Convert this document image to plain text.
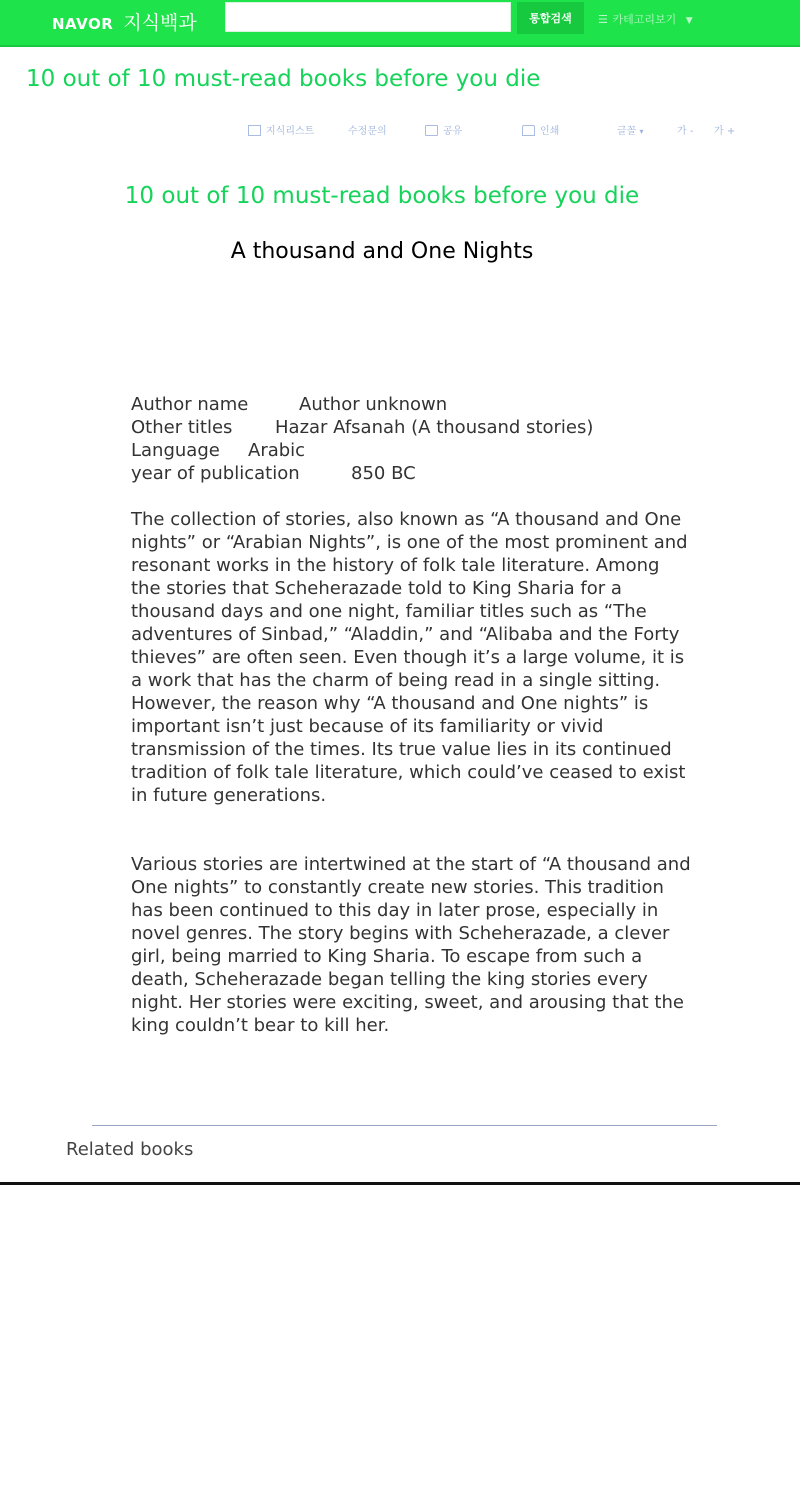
NAVOR 지식백과	통합검색	☰ 카테고리보기 ▼
10 out of 10 must-read books before you die
지식리스트	수정문의	공유	인쇄	글꼴 ▾	가 - 가 +
10 out of 10 must-read books before you die
A thousand and One Nights
Author name	Author unknown
Other titles Hazar Afsanah (A thousand stories)
Language Arabic
year of publication	850 BC

The collection of stories, also known as “A thousand and One nights” or “Arabian Nights”, is one of the most prominent and resonant works in the history of folk tale literature. Among the stories that Scheherazade told to King Sharia for a thousand days and one night, familiar titles such as “The adventures of Sinbad,” “Aladdin,” and “Alibaba and the Forty thieves” are often seen. Even though it’s a large volume, it is a work that has the charm of being read in a single sitting. However, the reason why “A thousand and One nights” is important isn’t just because of its familiarity or vivid transmission of the times. Its true value lies in its continued tradition of folk tale literature, which could’ve ceased to exist in future generations.

Various stories are intertwined at the start of “A thousand and One nights” to constantly create new stories. This tradition has been continued to this day in later prose, especially in novel genres. The story begins with Scheherazade, a clever girl, being married to King Sharia. To escape from such a death, Scheherazade began telling the king stories every night. Her stories were exciting, sweet, and arousing that the king couldn’t bear to kill her.

Related books
